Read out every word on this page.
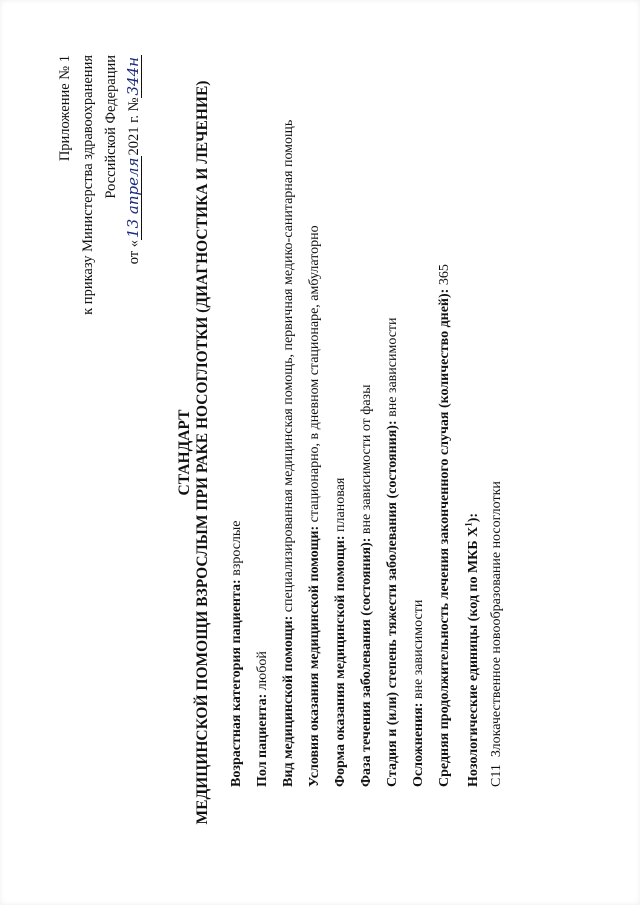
Приложение № 1 к приказу Министерства здравоохранения Российской Федерации
от «13 апреля2021 г. №344н
СТАНДАРТ МЕДИЦИНСКОЙ ПОМОЩИ ВЗРОСЛЫМ ПРИ РАКЕ НОСОГЛОТКИ (ДИАГНОСТИКА И ЛЕЧЕНИЕ) Возрастная категория пациента: взрослые
Пол пациента: любой Вид медицинской помощи: специализированная медицинская помощь, первичная медико-санитарная помощь
Условия оказания медицинской помощи: стационарно, в дневном стационаре, амбулаторно
Форма оказания медицинской помощи: плановая
Фаза течения заболевания (состояния): вне зависимости от фазы Стадия и (или) степень тяжести заболевания (состояния): вне зависимости
Осложнения: вне зависимости Средняя продолжительность лечения законченного случая (количество дней): 365
Нозологические единицы (код по МКБ $Х^1$):
C11  Злокачественное новообразование носоглотки
